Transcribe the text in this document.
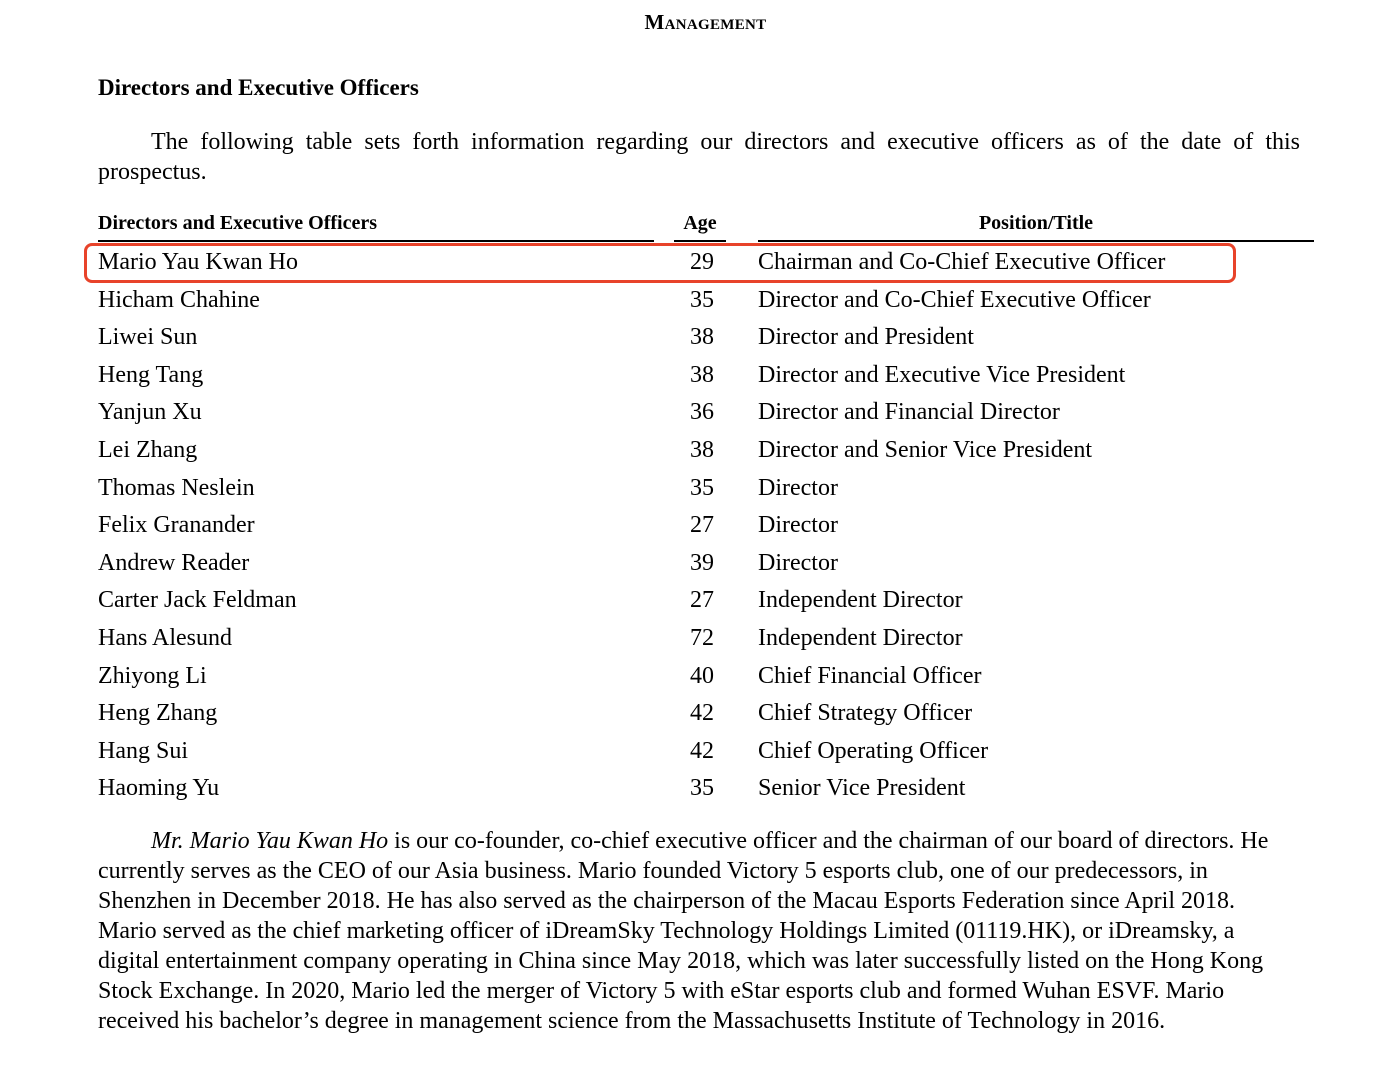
Management
Directors and Executive Officers

The following table sets forth information regarding our directors and executive officers as of the date of this prospectus.

Directors and Executive Officers	Age	Position/Title
Mario Yau Kwan Ho	29	Chairman and Co-Chief Executive Officer
Hicham Chahine	35	Director and Co-Chief Executive Officer
Liwei Sun	38	Director and President
Heng Tang	38	Director and Executive Vice President
Yanjun Xu	36	Director and Financial Director
Lei Zhang	38	Director and Senior Vice President
Thomas Neslein	35	Director
Felix Granander	27	Director
Andrew Reader	39	Director
Carter Jack Feldman	27	Independent Director
Hans Alesund	72	Independent Director
Zhiyong Li	40	Chief Financial Officer
Heng Zhang	42	Chief Strategy Officer
Hang Sui	42	Chief Operating Officer
Haoming Yu	35	Senior Vice President

Mr. Mario Yau Kwan Ho is our co-founder, co-chief executive officer and the chairman of our board of directors. He currently serves as the CEO of our Asia business. Mario founded Victory 5 esports club, one of our predecessors, in Shenzhen in December 2018. He has also served as the chairperson of the Macau Esports Federation since April 2018. Mario served as the chief marketing officer of iDreamSky Technology Holdings Limited (01119.HK), or iDreamsky, a digital entertainment company operating in China since May 2018, which was later successfully listed on the Hong Kong Stock Exchange. In 2020, Mario led the merger of Victory 5 with eStar esports club and formed Wuhan ESVF. Mario received his bachelor’s degree in management science from the Massachusetts Institute of Technology in 2016.
